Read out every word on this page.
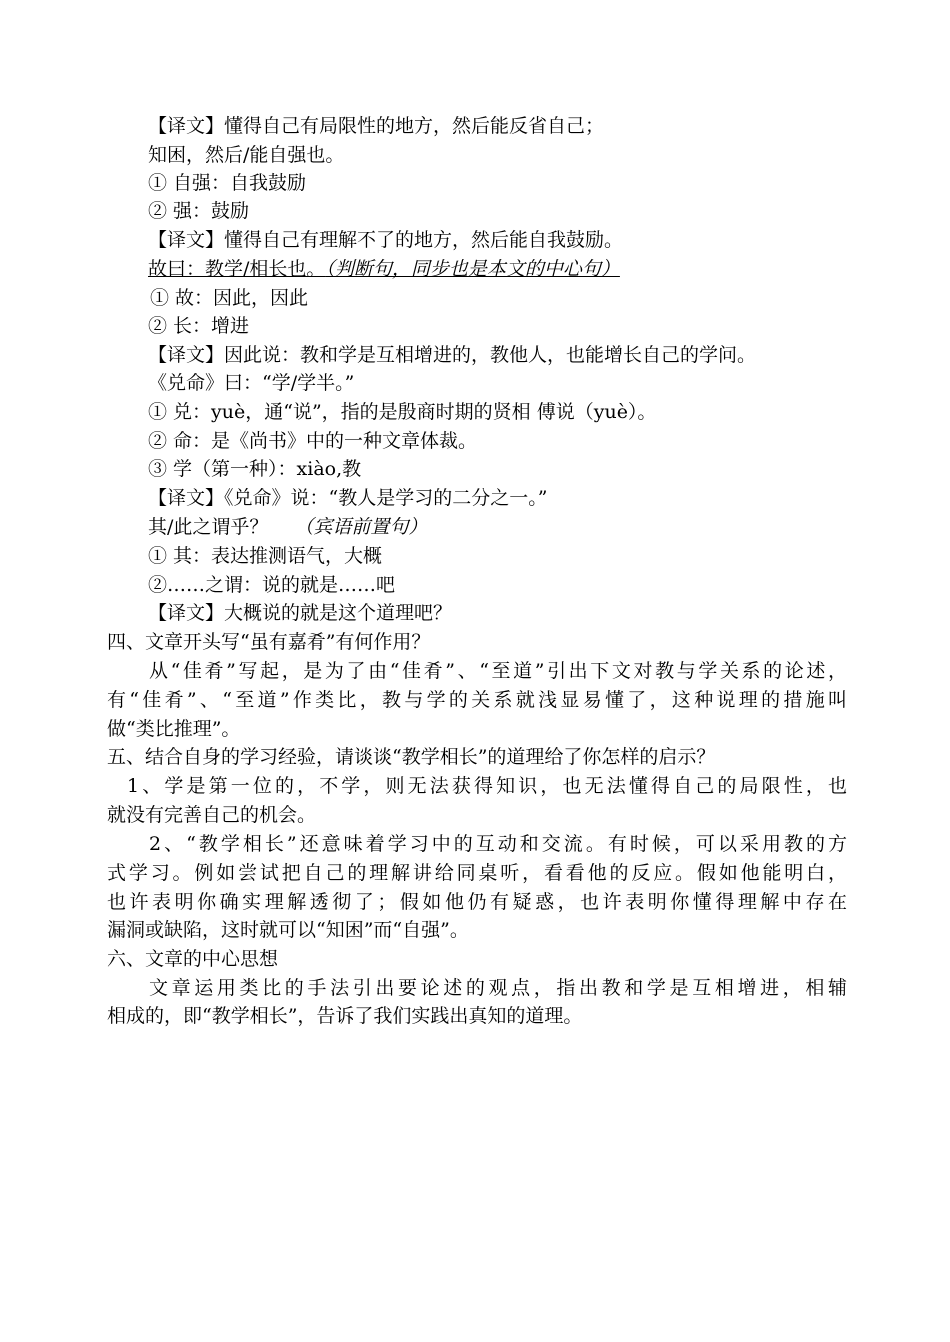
【译文】懂得自己有局限性的地方，然后能反省自己；
知困，然后/能自强也。
① 自强：自我鼓励
② 强：鼓励
【译文】懂得自己有理解不了的地方，然后能自我鼓励。
故曰：教学/相长也。（判断句，同步也是本文的中心句）
① 故：因此，因此
② 长：增进
【译文】因此说：教和学是互相增进的，教他人，也能增长自己的学问。
《兑命》曰：“学/学半。”
① 兑：yuè，通“说”，指的是殷商时期的贤相 傅说（yuè）。
② 命：是《尚书》中的一种文章体裁。
③ 学（第一种）：xiào,教
【译文】《兑命》说：“教人是学习的二分之一。”
其/此之谓乎？ （宾语前置句）
① 其：表达推测语气，大概
②……之谓：说的就是……吧
【译文】大概说的就是这个道理吧？
四、文章开头写“虽有嘉肴”有何作用？
从“佳肴”写起，是为了由“佳肴”、“至道”引出下文对教与学关系的论述，
有“佳肴”、“至道”作类比，教与学的关系就浅显易懂了，这种说理的措施叫
做“类比推理”。
五、结合自身的学习经验，请谈谈“教学相长”的道理给了你怎样的启示？
1、学是第一位的，不学，则无法获得知识，也无法懂得自己的局限性，也
就没有完善自己的机会。
2、“教学相长”还意味着学习中的互动和交流。有时候，可以采用教的方
式学习。例如尝试把自己的理解讲给同桌听，看看他的反应。假如他能明白，
也许表明你确实理解透彻了；假如他仍有疑惑，也许表明你懂得理解中存在
漏洞或缺陷，这时就可以“知困”而“自强”。
六、文章的中心思想
文章运用类比的手法引出要论述的观点，指出教和学是互相增进，相辅
相成的，即“教学相长”，告诉了我们实践出真知的道理。
